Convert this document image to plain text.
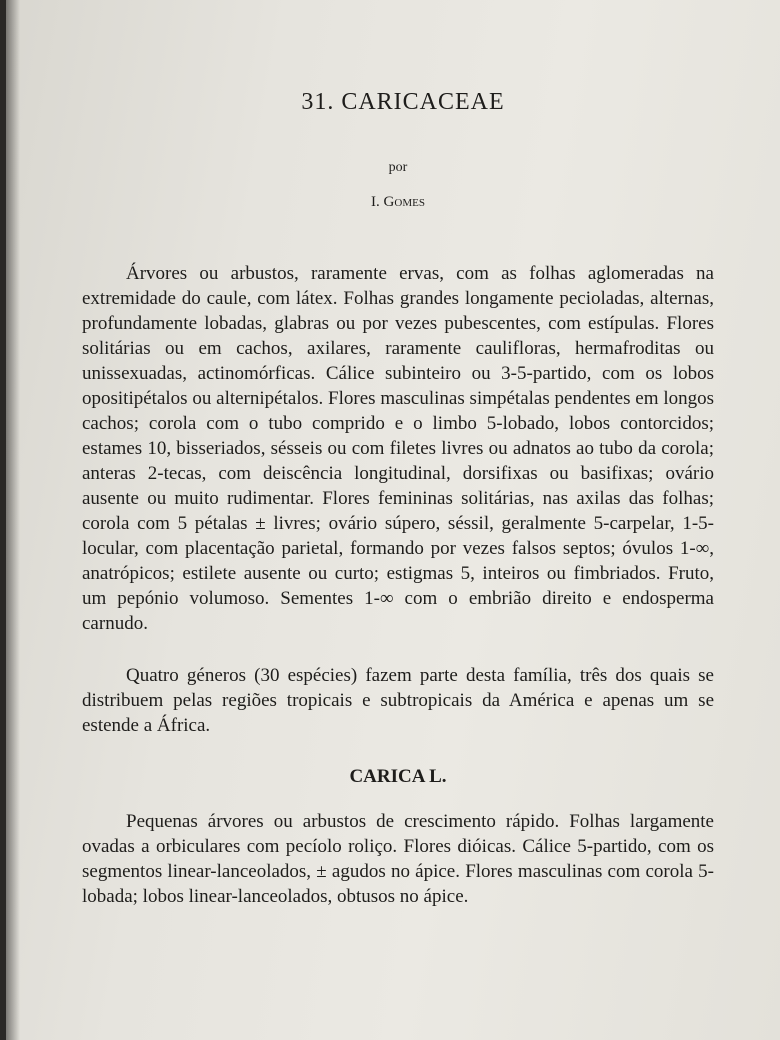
31. CARICACEAE
por
I. Gomes

Árvores ou arbustos, raramente ervas, com as folhas aglomeradas na extremidade do caule, com látex. Folhas grandes longamente pecioladas, alternas, profundamente lobadas, glabras ou por vezes pubescentes, com estípulas. Flores solitárias ou em cachos, axilares, raramente caulifloras, hermafroditas ou unissexuadas, actinomórficas. Cálice subinteiro ou 3-5-partido, com os lobos opositipétalos ou alternipétalos. Flores masculinas simpétalas pendentes em longos cachos; corola com o tubo comprido e o limbo 5-lobado, lobos contorcidos; estames 10, bisseriados, sésseis ou com filetes livres ou adnatos ao tubo da corola; anteras 2-tecas, com deiscência longitudinal, dorsifixas ou basifixas; ovário ausente ou muito rudimentar. Flores femininas solitárias, nas axilas das folhas; corola com 5 pétalas ± livres; ovário súpero, séssil, geralmente 5-carpelar, 1-5-locular, com placentação parietal, formando por vezes falsos septos; óvulos 1-∞, anatrópicos; estilete ausente ou curto; estigmas 5, inteiros ou fimbriados. Fruto, um pepónio volumoso. Sementes 1-∞ com o embrião direito e endosperma carnudo.

Quatro géneros (30 espécies) fazem parte desta família, três dos quais se distribuem pelas regiões tropicais e subtropicais da América e apenas um se estende a África.

CARICA L.

Pequenas árvores ou arbustos de crescimento rápido. Folhas largamente ovadas a orbiculares com pecíolo roliço. Flores dióicas. Cálice 5-partido, com os segmentos linear-lanceolados, ± agudos no ápice. Flores masculinas com corola 5-lobada; lobos linear-lanceolados, obtusos no ápice.
